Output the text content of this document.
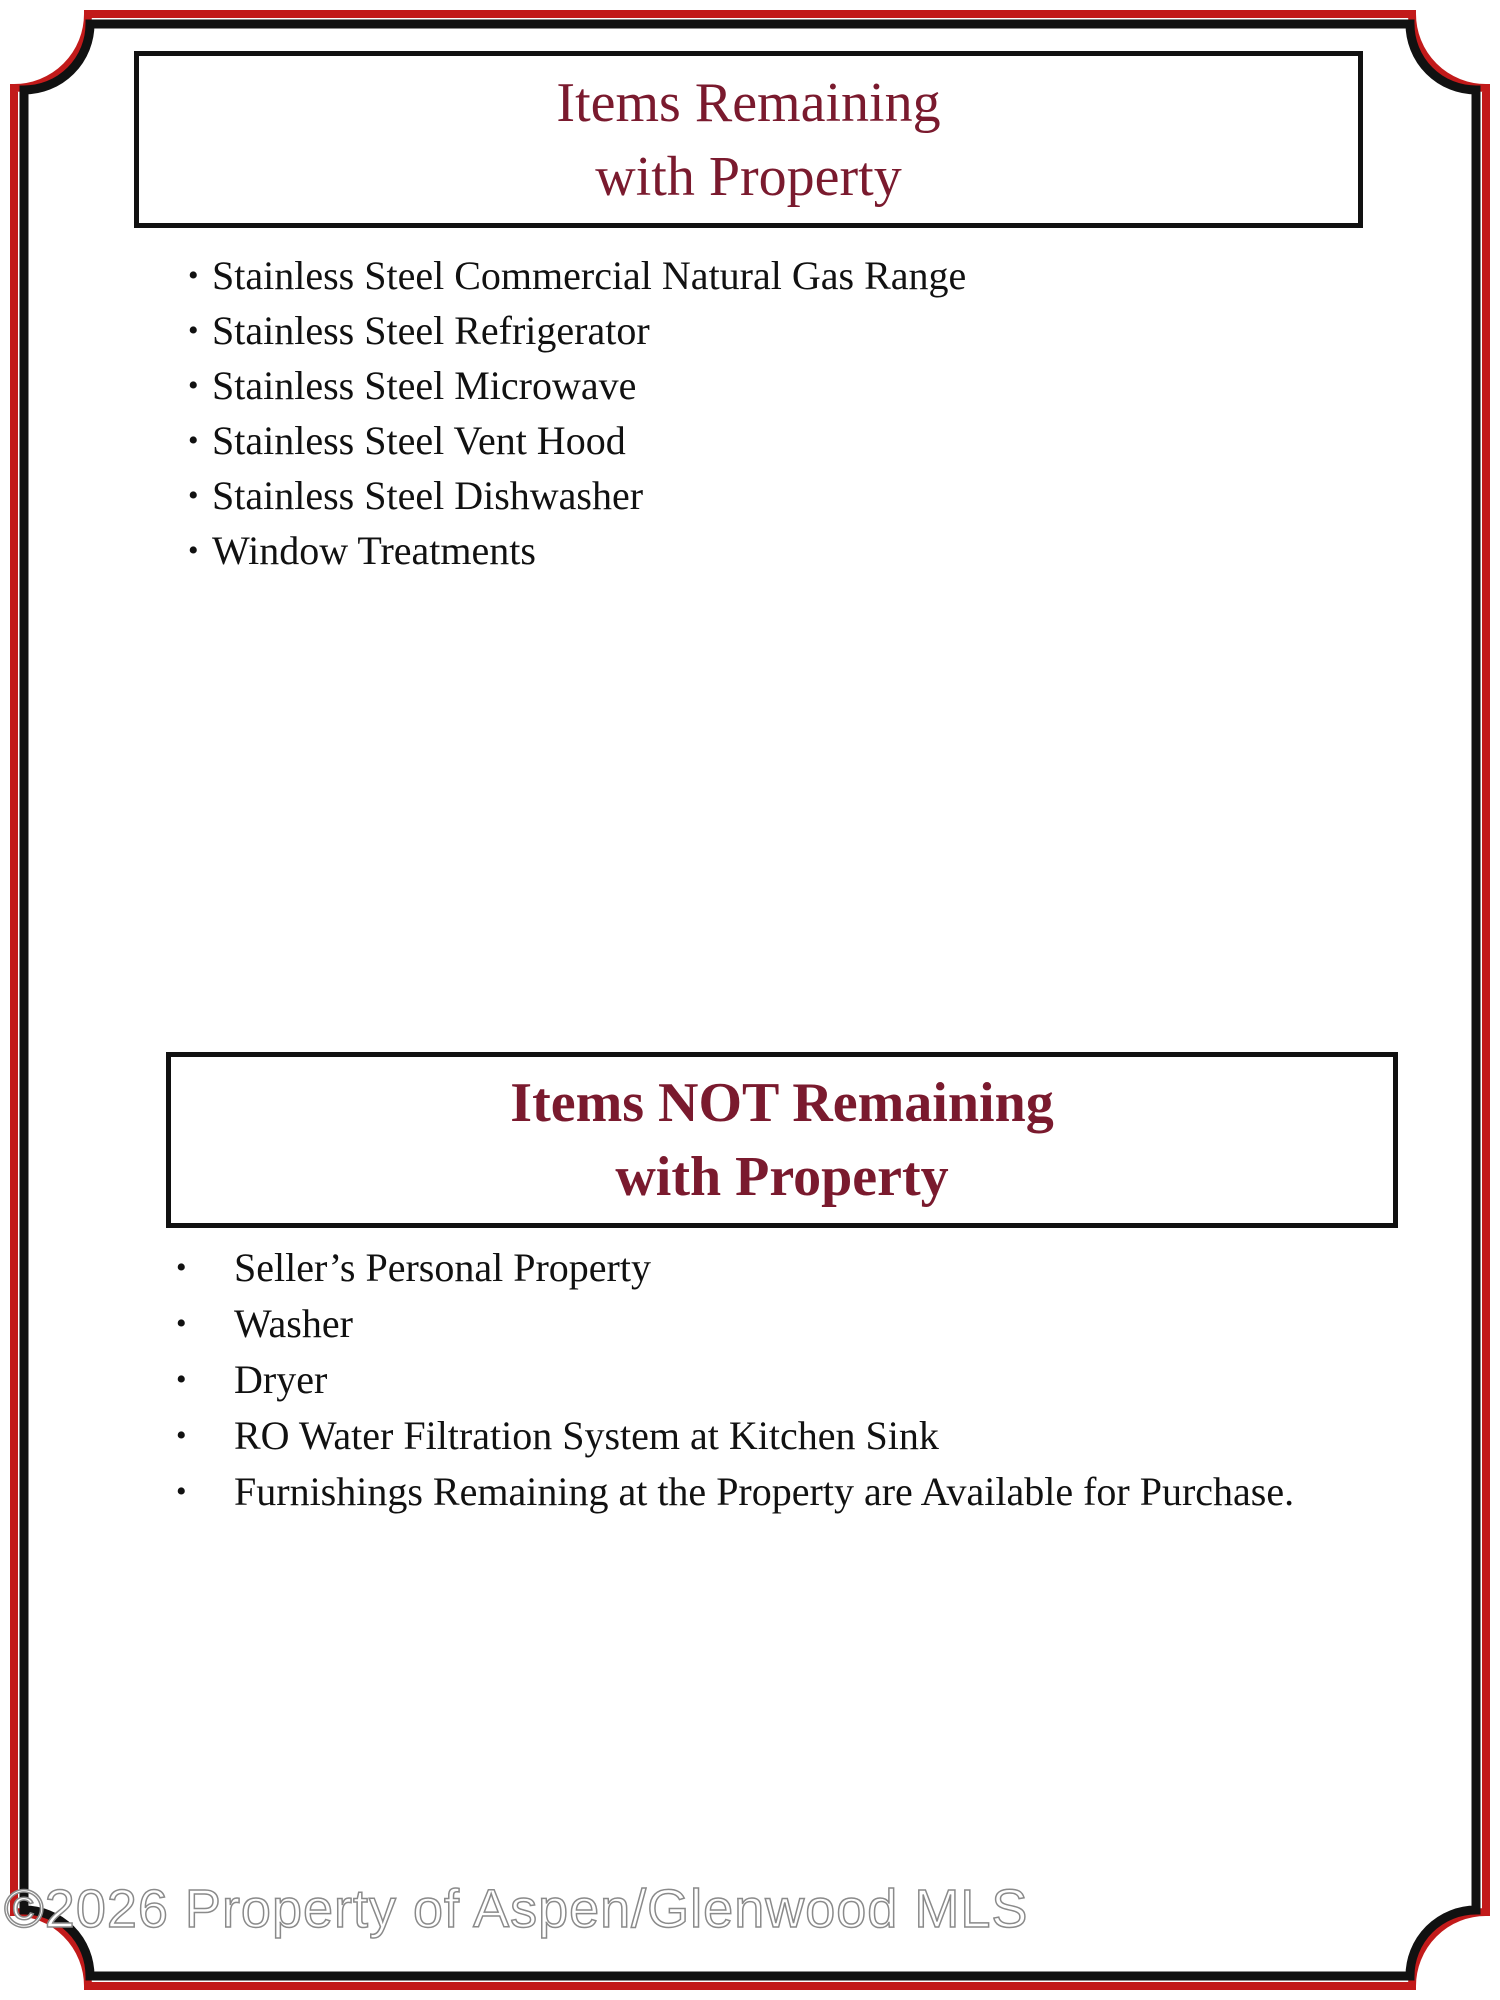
Items Remaining
with Property
• Stainless Steel Commercial Natural Gas Range
• Stainless Steel Refrigerator
• Stainless Steel Microwave
• Stainless Steel Vent Hood
• Stainless Steel Dishwasher
• Window Treatments
Items NOT Remaining
with Property
• Seller’s Personal Property
• Washer
• Dryer
• RO Water Filtration System at Kitchen Sink
• Furnishings Remaining at the Property are Available for Purchase.
©2026 Property of Aspen/Glenwood MLS
